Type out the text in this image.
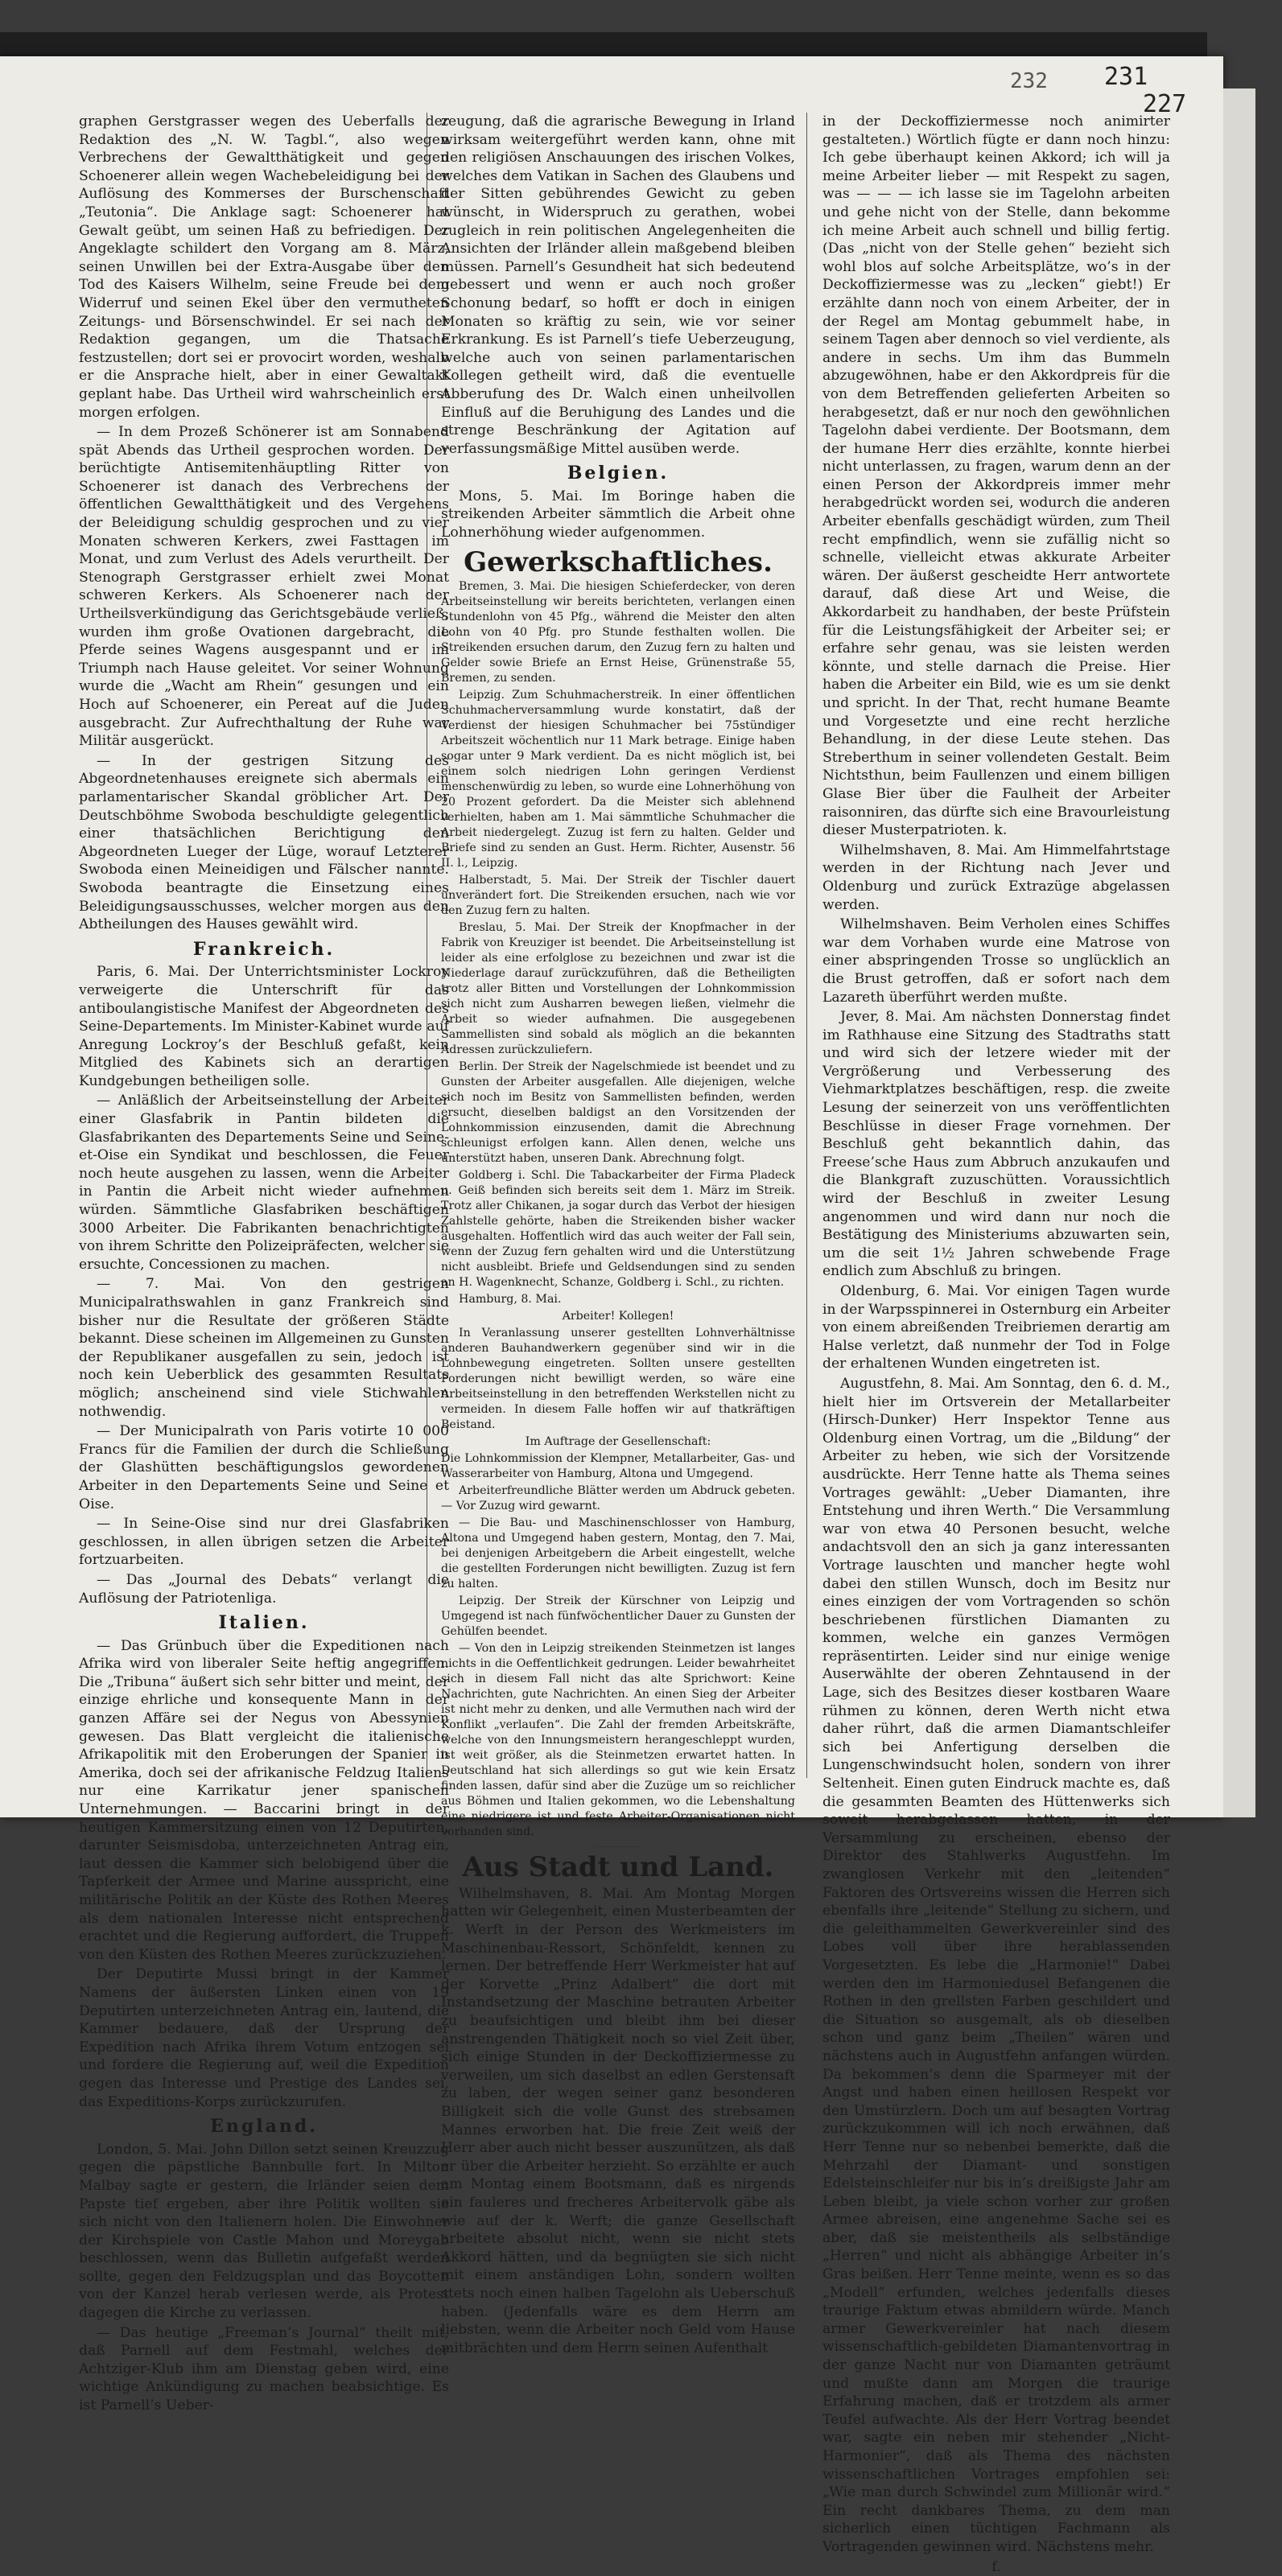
232 231
227

graphen Gerstgrasser wegen des Ueberfalls der Redaktion des „N. W. Tagbl.“, also wegen Verbrechens der Gewaltthätigkeit und gegen Schoenerer allein wegen Wachebeleidigung bei der Auflösung des Kommerses der Burschenschaft „Teutonia“. Die Anklage sagt: Schoenerer hat Gewalt geübt, um seinen Haß zu befriedigen. Der Angeklagte schildert den Vorgang am 8. März, seinen Unwillen bei der Extra-Ausgabe über den Tod des Kaisers Wilhelm, seine Freude bei dem Widerruf und seinen Ekel über den vermutheten Zeitungs- und Börsenschwindel. Er sei nach der Redaktion gegangen, um die Thatsache festzustellen; dort sei er provocirt worden, weshalb er die Ansprache hielt, aber in einer Gewaltakt geplant habe. Das Urtheil wird wahrscheinlich erst morgen erfolgen.

— In dem Prozeß Schönerer ist am Sonnabend spät Abends das Urtheil gesprochen worden. Der berüchtigte Antisemitenhäuptling Ritter von Schoenerer ist danach des Verbrechens der öffentlichen Gewaltthätigkeit und des Vergehens der Beleidigung schuldig gesprochen und zu vier Monaten schweren Kerkers, zwei Fasttagen im Monat, und zum Verlust des Adels verurtheilt. Der Stenograph Gerstgrasser erhielt zwei Monat schweren Kerkers. Als Schoenerer nach der Urtheilsverkündigung das Gerichtsgebäude verließ, wurden ihm große Ovationen dargebracht, die Pferde seines Wagens ausgespannt und er im Triumph nach Hause geleitet. Vor seiner Wohnung wurde die „Wacht am Rhein“ gesungen und ein Hoch auf Schoenerer, ein Pereat auf die Juden ausgebracht. Zur Aufrechthaltung der Ruhe war Militär ausgerückt.

— In der gestrigen Sitzung des Abgeordnetenhauses ereignete sich abermals ein parlamentarischer Skandal gröblicher Art. Der Deutschböhme Swoboda beschuldigte gelegentlich einer thatsächlichen Berichtigung den Abgeordneten Lueger der Lüge, worauf Letzterer Swoboda einen Meineidigen und Fälscher nannte. Swoboda beantragte die Einsetzung eines Beleidigungsausschusses, welcher morgen aus den Abtheilungen des Hauses gewählt wird.

Frankreich.

Paris, 6. Mai. Der Unterrichtsminister Lockroy verweigerte die Unterschrift für das antiboulangistische Manifest der Abgeordneten des Seine-Departements. Im Minister-Kabinet wurde auf Anregung Lockroy’s der Beschluß gefaßt, kein Mitglied des Kabinets sich an derartigen Kundgebungen betheiligen solle.

— Anläßlich der Arbeitseinstellung der Arbeiter einer Glasfabrik in Pantin bildeten die Glasfabrikanten des Departements Seine und Seine-et-Oise ein Syndikat und beschlossen, die Feuer noch heute ausgehen zu lassen, wenn die Arbeiter in Pantin die Arbeit nicht wieder aufnehmen würden. Sämmtliche Glasfabriken beschäftigen 3000 Arbeiter. Die Fabrikanten benachrichtigten von ihrem Schritte den Polizeipräfecten, welcher sie ersuchte, Concessionen zu machen.

— 7. Mai. Von den gestrigen Municipalrathswahlen in ganz Frankreich sind bisher nur die Resultate der größeren Städte bekannt. Diese scheinen im Allgemeinen zu Gunsten der Republikaner ausgefallen zu sein, jedoch ist noch kein Ueberblick des gesammten Resultats möglich; anscheinend sind viele Stichwahlen nothwendig.

— Der Municipalrath von Paris votirte 10 000 Francs für die Familien der durch die Schließung der Glashütten beschäftigungslos gewordenen Arbeiter in den Departements Seine und Seine et Oise.

— In Seine-Oise sind nur drei Glasfabriken geschlossen, in allen übrigen setzen die Arbeiter fortzuarbeiten.

— Das „Journal des Debats“ verlangt die Auflösung der Patriotenliga.

Italien.

— Das Grünbuch über die Expeditionen nach Afrika wird von liberaler Seite heftig angegriffen. Die „Tribuna“ äußert sich sehr bitter und meint, der einzige ehrliche und konsequente Mann in der ganzen Affäre sei der Negus von Abessynien gewesen. Das Blatt vergleicht die italienische Afrikapolitik mit den Eroberungen der Spanier in Amerika, doch sei der afrikanische Feldzug Italiens nur eine Karrikatur jener spanischen Unternehmungen. — Baccarini bringt in der heutigen Kammersitzung einen von 12 Deputirten, darunter Seismisdoba, unterzeichneten Antrag ein, laut dessen die Kammer sich belobigend über die Tapferkeit der Armee und Marine ausspricht, eine militärische Politik an der Küste des Rothen Meeres als dem nationalen Interesse nicht entsprechend erachtet und die Regierung auffordert, die Truppen von den Küsten des Rothen Meeres zurückzuziehen.

Der Deputirte Mussi bringt in der Kammer Namens der äußersten Linken einen von 19 Deputirten unterzeichneten Antrag ein, lautend, die Kammer bedauere, daß der Ursprung der Expedition nach Afrika ihrem Votum entzogen sei und fordere die Regierung auf, weil die Expedition gegen das Interesse und Prestige des Landes sei, das Expeditions-Korps zurückzurufen.

England.

London, 5. Mai. John Dillon setzt seinen Kreuzzug gegen die päpstliche Bannbulle fort. In Milton Malbay sagte er gestern, die Irländer seien dem Papste tief ergeben, aber ihre Politik wollten sie sich nicht von den Italienern holen. Die Einwohner der Kirchspiele von Castle Mahon und Moreygab beschlossen, wenn das Bulletin aufgefaßt werden sollte, gegen den Feldzugsplan und das Boycotten von der Kanzel herab verlesen werde, als Protest dagegen die Kirche zu verlassen.

— Das heutige „Freeman’s Journal“ theilt mit, daß Parnell auf dem Festmahl, welches der Achtziger-Klub ihm am Dienstag geben wird, eine wichtige Ankündigung zu machen beabsichtige. Es ist Parnell’s Ueber-

zeugung, daß die agrarische Bewegung in Irland wirksam weitergeführt werden kann, ohne mit den religiösen Anschauungen des irischen Volkes, welches dem Vatikan in Sachen des Glaubens und der Sitten gebührendes Gewicht zu geben wünscht, in Widerspruch zu gerathen, wobei zugleich in rein politischen Angelegenheiten die Ansichten der Irländer allein maßgebend bleiben müssen. Parnell’s Gesundheit hat sich bedeutend gebessert und wenn er auch noch großer Schonung bedarf, so hofft er doch in einigen Monaten so kräftig zu sein, wie vor seiner Erkrankung. Es ist Parnell’s tiefe Ueberzeugung, welche auch von seinen parlamentarischen Kollegen getheilt wird, daß die eventuelle Abberufung des Dr. Walch einen unheilvollen Einfluß auf die Beruhigung des Landes und die strenge Beschränkung der Agitation auf verfassungsmäßige Mittel ausüben werde.

Belgien.

Mons, 5. Mai. Im Boringe haben die streikenden Arbeiter sämmtlich die Arbeit ohne Lohnerhöhung wieder aufgenommen.

Gewerkschaftliches.

Bremen, 3. Mai. Die hiesigen Schieferdecker, von deren Arbeitseinstellung wir bereits berichteten, verlangen einen Stundenlohn von 45 Pfg., während die Meister den alten Lohn von 40 Pfg. pro Stunde festhalten wollen. Die Streikenden ersuchen darum, den Zuzug fern zu halten und Gelder sowie Briefe an Ernst Heise, Grünenstraße 55, Bremen, zu senden.

Leipzig. Zum Schuhmacherstreik. In einer öffentlichen Schuhmacherversammlung wurde konstatirt, daß der Verdienst der hiesigen Schuhmacher bei 75stündiger Arbeitszeit wöchentlich nur 11 Mark betrage. Einige haben sogar unter 9 Mark verdient. Da es nicht möglich ist, bei einem solch niedrigen Lohn geringen Verdienst menschenwürdig zu leben, so wurde eine Lohnerhöhung von 20 Prozent gefordert. Da die Meister sich ablehnend verhielten, haben am 1. Mai sämmtliche Schuhmacher die Arbeit niedergelegt. Zuzug ist fern zu halten. Gelder und Briefe sind zu senden an Gust. Herm. Richter, Ausenstr. 56 II. l., Leipzig.

Halberstadt, 5. Mai. Der Streik der Tischler dauert unverändert fort. Die Streikenden ersuchen, nach wie vor den Zuzug fern zu halten.

Breslau, 5. Mai. Der Streik der Knopfmacher in der Fabrik von Kreuziger ist beendet. Die Arbeitseinstellung ist leider als eine erfolglose zu bezeichnen und zwar ist die Niederlage darauf zurückzuführen, daß die Betheiligten trotz aller Bitten und Vorstellungen der Lohnkommission sich nicht zum Ausharren bewegen ließen, vielmehr die Arbeit so wieder aufnahmen. Die ausgegebenen Sammellisten sind sobald als möglich an die bekannten Adressen zurückzuliefern.

Berlin. Der Streik der Nagelschmiede ist beendet und zu Gunsten der Arbeiter ausgefallen. Alle diejenigen, welche sich noch im Besitz von Sammellisten befinden, werden ersucht, dieselben baldigst an den Vorsitzenden der Lohnkommission einzusenden, damit die Abrechnung schleunigst erfolgen kann. Allen denen, welche uns unterstützt haben, unseren Dank. Abrechnung folgt.

Goldberg i. Schl. Die Tabackarbeiter der Firma Pladeck u. Geiß befinden sich bereits seit dem 1. März im Streik. Trotz aller Chikanen, ja sogar durch das Verbot der hiesigen Zahlstelle gehörte, haben die Streikenden bisher wacker ausgehalten. Hoffentlich wird das auch weiter der Fall sein, wenn der Zuzug fern gehalten wird und die Unterstützung nicht ausbleibt. Briefe und Geldsendungen sind zu senden an H. Wagenknecht, Schanze, Goldberg i. Schl., zu richten.

Hamburg, 8. Mai.

Arbeiter! Kollegen!

In Veranlassung unserer gestellten Lohnverhältnisse anderen Bauhandwerkern gegenüber sind wir in die Lohnbewegung eingetreten. Sollten unsere gestellten Forderungen nicht bewilligt werden, so wäre eine Arbeitseinstellung in den betreffenden Werkstellen nicht zu vermeiden. In diesem Falle hoffen wir auf thatkräftigen Beistand.

Im Auftrage der Gesellenschaft:

Die Lohnkommission der Klempner, Metallarbeiter, Gas- und Wasserarbeiter von Hamburg, Altona und Umgegend.

Arbeiterfreundliche Blätter werden um Abdruck gebeten. — Vor Zuzug wird gewarnt.

— Die Bau- und Maschinenschlosser von Hamburg, Altona und Umgegend haben gestern, Montag, den 7. Mai, bei denjenigen Arbeitgebern die Arbeit eingestellt, welche die gestellten Forderungen nicht bewilligten. Zuzug ist fern zu halten.

Leipzig. Der Streik der Kürschner von Leipzig und Umgegend ist nach fünfwöchentlicher Dauer zu Gunsten der Gehülfen beendet.

— Von den in Leipzig streikenden Steinmetzen ist langes nichts in die Oeffentlichkeit gedrungen. Leider bewahrheitet sich in diesem Fall nicht das alte Sprichwort: Keine Nachrichten, gute Nachrichten. An einen Sieg der Arbeiter ist nicht mehr zu denken, und alle Vermuthen nach wird der Konflikt „verlaufen“. Die Zahl der fremden Arbeitskräfte, welche von den Innungsmeistern herangeschleppt wurden, ist weit größer, als die Steinmetzen erwartet hatten. In Deutschland hat sich allerdings so gut wie kein Ersatz finden lassen, dafür sind aber die Zuzüge um so reichlicher aus Böhmen und Italien gekommen, wo die Lebenshaltung eine niedrigere ist und feste Arbeiter-Organisationen nicht vorhanden sind.

Aus Stadt und Land.

Wilhelmshaven, 8. Mai. Am Montag Morgen hatten wir Gelegenheit, einen Musterbeamten der k. Werft in der Person des Werkmeisters im Maschinenbau-Ressort, Schönfeldt, kennen zu lernen. Der betreffende Herr Werkmeister hat auf der Korvette „Prinz Adalbert“ die dort mit Instandsetzung der Maschine betrauten Arbeiter zu beaufsichtigen und bleibt ihm bei dieser anstrengenden Thätigkeit noch so viel Zeit über, sich einige Stunden in der Deckoffiziermesse zu verweilen, um sich daselbst an edlen Gerstensaft zu laben, der wegen seiner ganz besonderen Billigkeit sich die volle Gunst des strebsamen Mannes erworben hat. Die freie Zeit weiß der Herr aber auch nicht besser auszunützen, als daß er über die Arbeiter herzieht. So erzählte er auch am Montag einem Bootsmann, daß es nirgends ein fauleres und frecheres Arbeitervolk gäbe als wie auf der k. Werft; die ganze Gesellschaft arbeitete absolut nicht, wenn sie nicht stets Akkord hätten, und da begnügten sie sich nicht mit einem anständigen Lohn, sondern wollten stets noch einen halben Tagelohn als Ueberschuß haben. (Jedenfalls wäre es dem Herrn am liebsten, wenn die Arbeiter noch Geld vom Hause mitbrächten und dem Herrn seinen Aufenthalt

in der Deckoffiziermesse noch animirter gestalteten.) Wörtlich fügte er dann noch hinzu: Ich gebe überhaupt keinen Akkord; ich will ja meine Arbeiter lieber — mit Respekt zu sagen, was — — — ich lasse sie im Tagelohn arbeiten und gehe nicht von der Stelle, dann bekomme ich meine Arbeit auch schnell und billig fertig. (Das „nicht von der Stelle gehen“ bezieht sich wohl blos auf solche Arbeitsplätze, wo’s in der Deckoffiziermesse was zu „lecken“ giebt!) Er erzählte dann noch von einem Arbeiter, der in der Regel am Montag gebummelt habe, in seinem Tagen aber dennoch so viel verdiente, als andere in sechs. Um ihm das Bummeln abzugewöhnen, habe er den Akkordpreis für die von dem Betreffenden gelieferten Arbeiten so herabgesetzt, daß er nur noch den gewöhnlichen Tagelohn dabei verdiente. Der Bootsmann, dem der humane Herr dies erzählte, konnte hierbei nicht unterlassen, zu fragen, warum denn an der einen Person der Akkordpreis immer mehr herabgedrückt worden sei, wodurch die anderen Arbeiter ebenfalls geschädigt würden, zum Theil recht empfindlich, wenn sie zufällig nicht so schnelle, vielleicht etwas akkurate Arbeiter wären. Der äußerst gescheidte Herr antwortete darauf, daß diese Art und Weise, die Akkordarbeit zu handhaben, der beste Prüfstein für die Leistungsfähigkeit der Arbeiter sei; er erfahre sehr genau, was sie leisten werden könnte, und stelle darnach die Preise. Hier haben die Arbeiter ein Bild, wie es um sie denkt und spricht. In der That, recht humane Beamte und Vorgesetzte und eine recht herzliche Behandlung, in der diese Leute stehen. Das Streberthum in seiner vollendeten Gestalt. Beim Nichtsthun, beim Faullenzen und einem billigen Glase Bier über die Faulheit der Arbeiter raisonniren, das dürfte sich eine Bravourleistung dieser Musterpatrioten. k.

Wilhelmshaven, 8. Mai. Am Himmelfahrtstage werden in der Richtung nach Jever und Oldenburg und zurück Extrazüge abgelassen werden.

Wilhelmshaven. Beim Verholen eines Schiffes war dem Vorhaben wurde eine Matrose von einer abspringenden Trosse so unglücklich an die Brust getroffen, daß er sofort nach dem Lazareth überführt werden mußte.

Jever, 8. Mai. Am nächsten Donnerstag findet im Rathhause eine Sitzung des Stadtraths statt und wird sich der letzere wieder mit der Vergrößerung und Verbesserung des Viehmarktplatzes beschäftigen, resp. die zweite Lesung der seinerzeit von uns veröffentlichten Beschlüsse in dieser Frage vornehmen. Der Beschluß geht bekanntlich dahin, das Freese’sche Haus zum Abbruch anzukaufen und die Blankgraft zuzuschütten. Voraussichtlich wird der Beschluß in zweiter Lesung angenommen und wird dann nur noch die Bestätigung des Ministeriums abzuwarten sein, um die seit 1½ Jahren schwebende Frage endlich zum Abschluß zu bringen.

Oldenburg, 6. Mai. Vor einigen Tagen wurde in der Warpsspinnerei in Osternburg ein Arbeiter von einem abreißenden Treibriemen derartig am Halse verletzt, daß nunmehr der Tod in Folge der erhaltenen Wunden eingetreten ist.

Augustfehn, 8. Mai. Am Sonntag, den 6. d. M., hielt hier im Ortsverein der Metallarbeiter (Hirsch-Dunker) Herr Inspektor Tenne aus Oldenburg einen Vortrag, um die „Bildung“ der Arbeiter zu heben, wie sich der Vorsitzende ausdrückte. Herr Tenne hatte als Thema seines Vortrages gewählt: „Ueber Diamanten, ihre Entstehung und ihren Werth.“ Die Versammlung war von etwa 40 Personen besucht, welche andachtsvoll den an sich ja ganz interessanten Vortrage lauschten und mancher hegte wohl dabei den stillen Wunsch, doch im Besitz nur eines einzigen der vom Vortragenden so schön beschriebenen fürstlichen Diamanten zu kommen, welche ein ganzes Vermögen repräsentirten. Leider sind nur einige wenige Auserwählte der oberen Zehntausend in der Lage, sich des Besitzes dieser kostbaren Waare rühmen zu können, deren Werth nicht etwa daher rührt, daß die armen Diamantschleifer sich bei Anfertigung derselben die Lungenschwindsucht holen, sondern von ihrer Seltenheit. Einen guten Eindruck machte es, daß die gesammten Beamten des Hüttenwerks sich soweit herabgelassen hatten, in der Versammlung zu erscheinen, ebenso der Direktor des Stahlwerks Augustfehn. Im zwanglosen Verkehr mit den „leitenden“ Faktoren des Ortsvereins wissen die Herren sich ebenfalls ihre „leitende“ Stellung zu sichern, und die geleithammelten Gewerkvereinler sind des Lobes voll über ihre herablassenden Vorgesetzten. Es lebe die „Harmonie!“ Dabei werden den im Harmoniedusel Befangenen die Rothen in den grellsten Farben geschildert und die Situation so ausgemalt, als ob dieselben schon und ganz beim „Theilen“ wären und nächstens auch in Augustfehn anfangen würden. Da bekommen’s denn die Sparmeyer mit der Angst und haben einen heillosen Respekt vor den Umstürzlern. Doch um auf besagten Vortrag zurückzukommen will ich noch erwähnen, daß Herr Tenne nur so nebenbei bemerkte, daß die Mehrzahl der Diamant- und sonstigen Edelsteinschleifer nur bis in’s dreißigste Jahr am Leben bleibt, ja viele schon vorher zur großen Armee abreisen, eine angenehme Sache sei es aber, daß sie meistentheils als selbständige „Herren“ und nicht als abhängige Arbeiter in’s Gras beißen. Herr Tenne meinte, wenn es so das „Modell“ erfunden, welches jedenfalls dieses traurige Faktum etwas abmildern würde. Manch armer Gewerkvereinler hat nach diesem wissenschaftlich-gebildeten Diamantenvortrag in der ganze Nacht nur von Diamanten geträumt und mußte dann am Morgen die traurige Erfahrung machen, daß er trotzdem als armer Teufel aufwachte. Als der Herr Vortrag beendet war, sagte ein neben mir stehender „Nicht-Harmonier“, daß als Thema des nächsten wissenschaftlichen Vortrages empfohlen sei: „Wie man durch Schwindel zum Millionär wird.“ Ein recht dankbares Thema, zu dem man sicherlich einen tüchtigen Fachmann als Vortragenden gewinnen wird. Nächstens mehr.

f.
